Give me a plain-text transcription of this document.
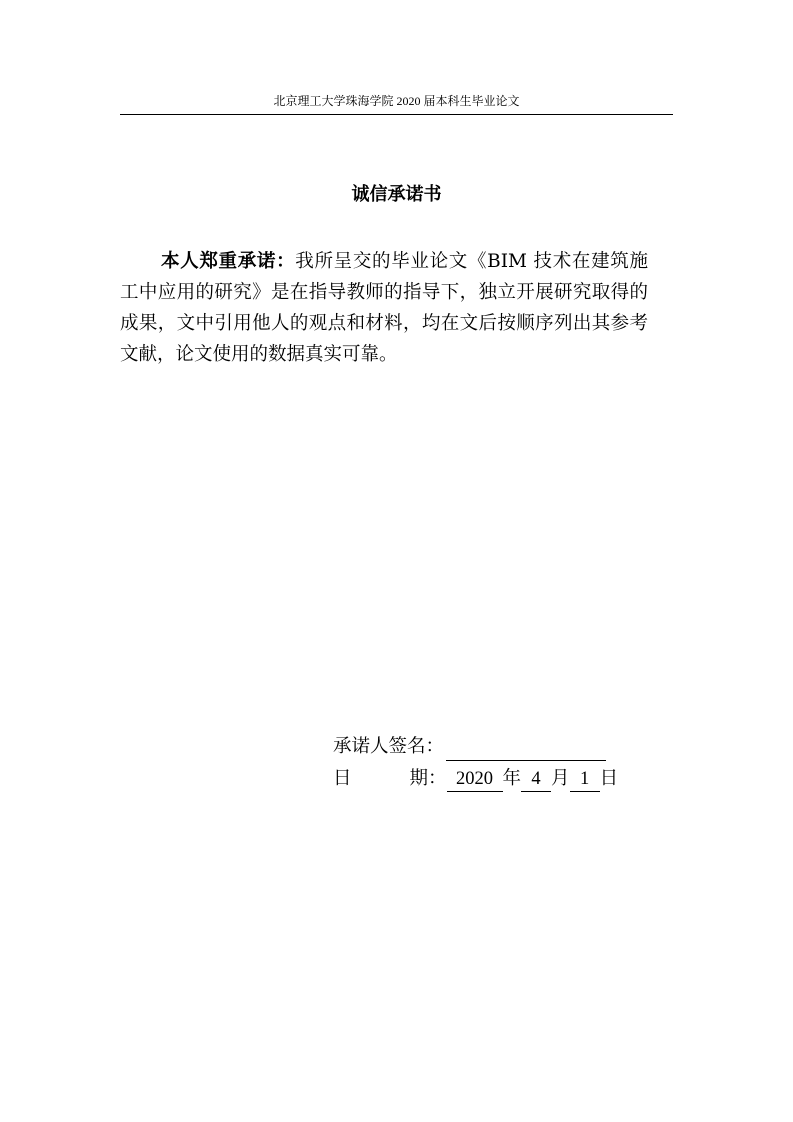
北京理工大学珠海学院 2020 届本科生毕业论文
诚信承诺书

本人郑重承诺：我所呈交的毕业论文《BIM 技术在建筑施工中应用的研究》是在指导教师的指导下，独立开展研究取得的成果，文中引用他人的观点和材料，均在文后按顺序列出其参考文献，论文使用的数据真实可靠。

承诺人签名：
日	期： 2020 年 4 月 1 日
